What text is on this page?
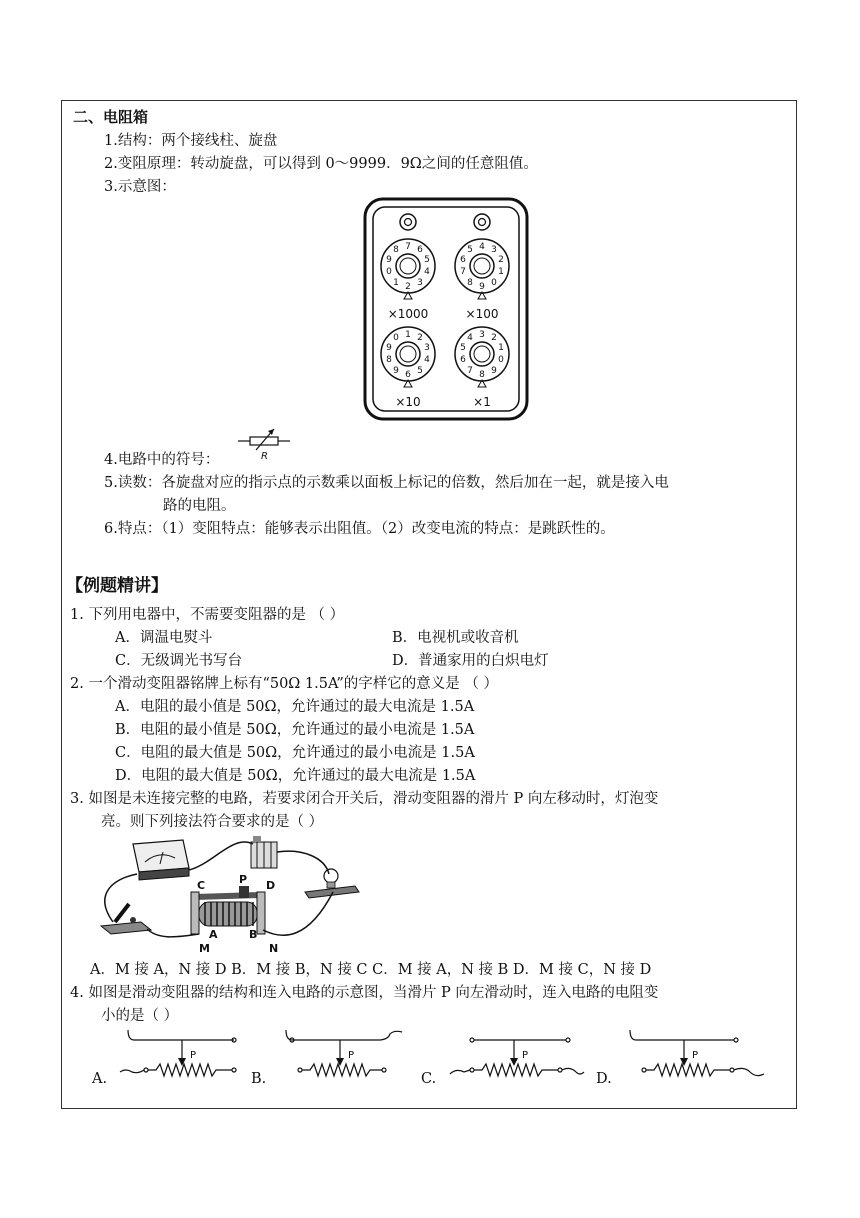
二、电阻箱
1.结构：两个接线柱、旋盘
2.变阻原理：转动旋盘，可以得到 0～9999．9Ω之间的任意阻值。
3.示意图：
7 6
5
4
3
2
1
0
9
8	4 3
2
1
0
9
8
7
6
5
1 2
3
4
5
6
9
8
9
0	3 2
1
0
9
8
7
6
5
4
×1000	×100
×10	×1
4.电路中的符号：	R
5.读数：各旋盘对应的指示点的示数乘以面板上标记的倍数，然后加在一起，就是接入电
路的电阻。
6.特点：（1）变阻特点：能够表示出阻值。（2）改变电流的特点：是跳跃性的。
【例题精讲】
1. 下列用电器中，不需要变阻器的是 （ ）
A．调温电熨斗	B．电视机或收音机
C．无级调光书写台	D．普通家用的白炽电灯
2. 一个滑动变阻器铭牌上标有“50Ω 1.5A”的字样它的意义是 （ ）
A．电阻的最小值是 50Ω，允许通过的最大电流是 1.5A
B．电阻的最小值是 50Ω，允许通过的最小电流是 1.5A
C．电阻的最大值是 50Ω，允许通过的最小电流是 1.5A
D．电阻的最大值是 50Ω，允许通过的最大电流是 1.5A
3. 如图是未连接完整的电路，若要求闭合开关后，滑动变阻器的滑片 P 向左移动时，灯泡变
亮。则下列接法符合要求的是（ ）
C	P D
A	B
M	N
A．M 接 A，N 接 D B．M 接 B，N 接 C C．M 接 A，N 接 B D．M 接 C，N 接 D
4. 如图是滑动变阻器的结构和连入电路的示意图，当滑片 P 向左滑动时，连入电路的电阻变
小的是（ ）
A.
P
B.
P
C.
P
D.
P
